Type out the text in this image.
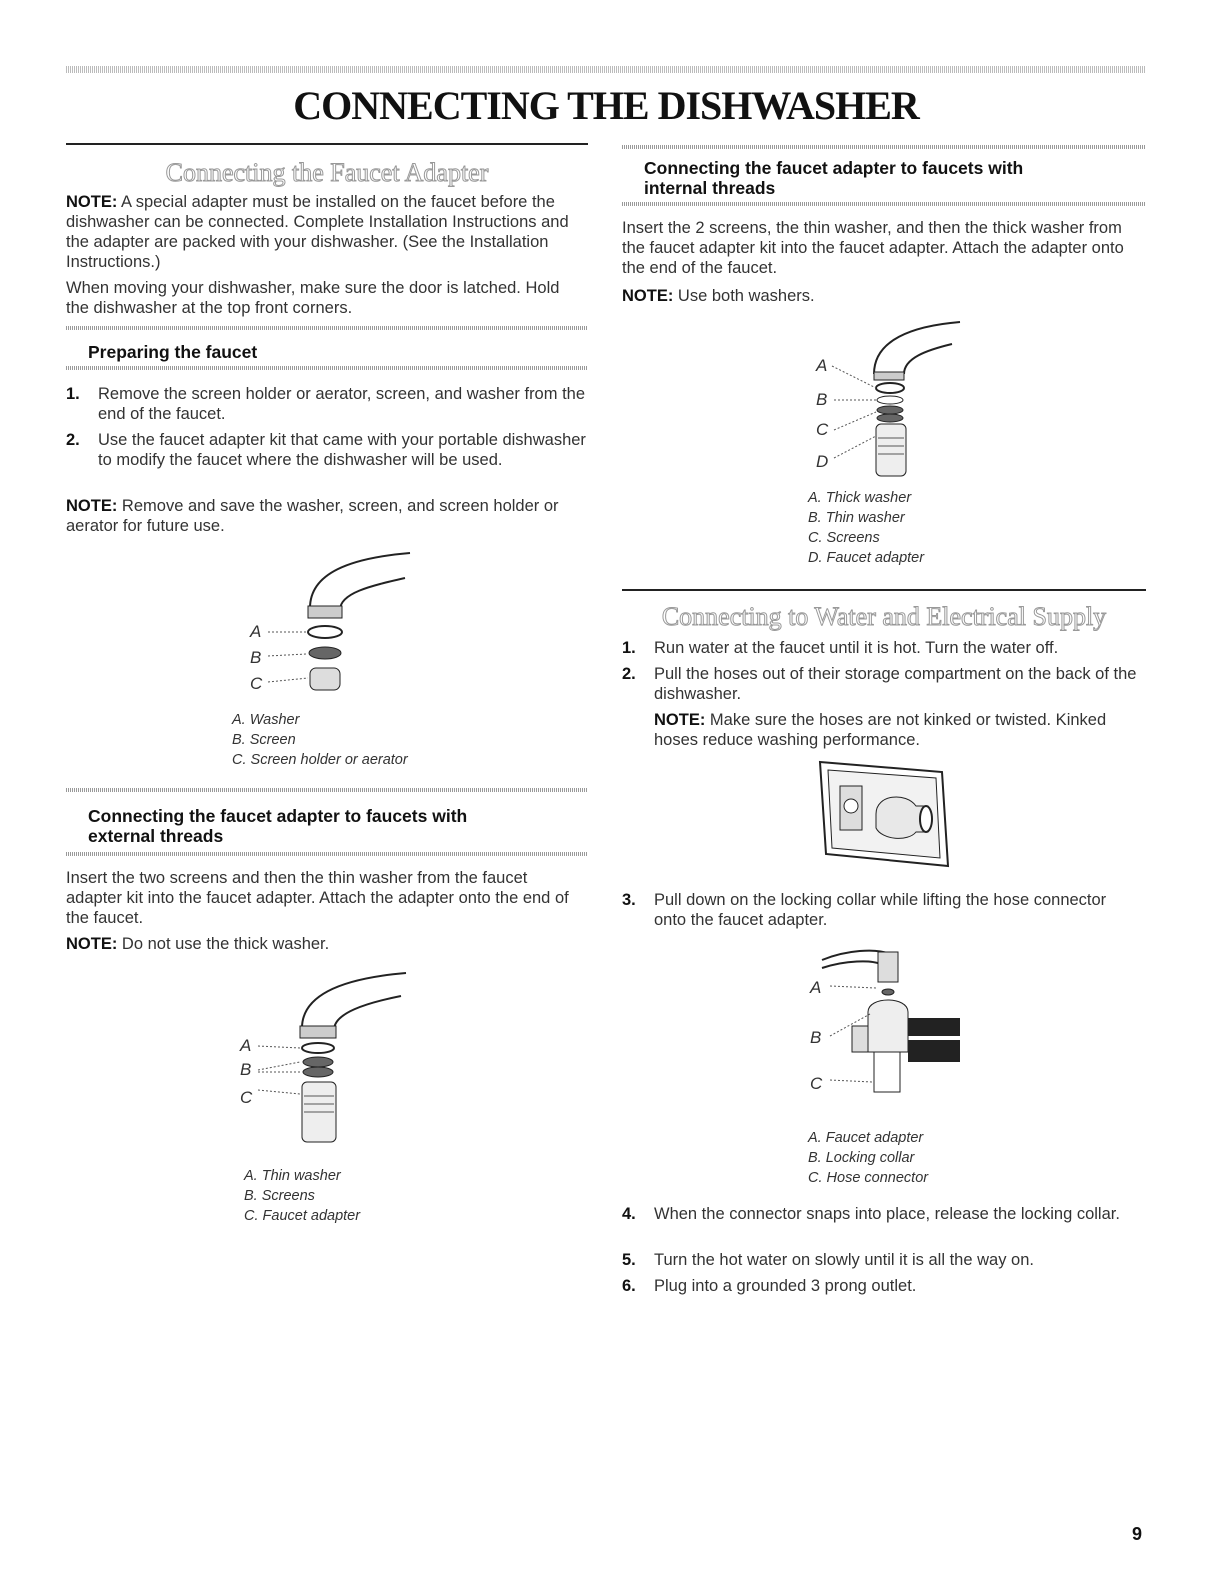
CONNECTING THE DISHWASHER
Connecting the Faucet Adapter
NOTE: A special adapter must be installed on the faucet before the dishwasher can be connected. Complete Installation Instructions and the adapter are packed with your dishwasher. (See the Installation Instructions.)
When moving your dishwasher, make sure the door is latched. Hold the dishwasher at the top front corners.
Preparing the faucet
1. Remove the screen holder or aerator, screen, and washer from the end of the faucet.
2. Use the faucet adapter kit that came with your portable dishwasher to modify the faucet where the dishwasher will be used.
NOTE: Remove and save the washer, screen, and screen holder or aerator for future use.
A
B
C
A. Washer
B. Screen
C. Screen holder or aerator
Connecting the faucet adapter to faucets with
external threads
Insert the two screens and then the thin washer from the faucet adapter kit into the faucet adapter. Attach the adapter onto the end of the faucet.
NOTE: Do not use the thick washer.
A
B
C
A. Thin washer
B. Screens
C. Faucet adapter
Connecting the faucet adapter to faucets with
internal threads
Insert the 2 screens, the thin washer, and then the thick washer from the faucet adapter kit into the faucet adapter. Attach the adapter onto the end of the faucet.
NOTE: Use both washers.
A
B
C
D
A. Thick washer
B. Thin washer
C. Screens
D. Faucet adapter
Connecting to Water and Electrical Supply
1. Run water at the faucet until it is hot. Turn the water off.
2. Pull the hoses out of their storage compartment on the back of the dishwasher.
NOTE: Make sure the hoses are not kinked or twisted. Kinked hoses reduce washing performance.
3. Pull down on the locking collar while lifting the hose connector onto the faucet adapter.
A
B
C
A. Faucet adapter
B. Locking collar
C. Hose connector
4. When the connector snaps into place, release the locking collar.
5. Turn the hot water on slowly until it is all the way on.
6. Plug into a grounded 3 prong outlet.
9
